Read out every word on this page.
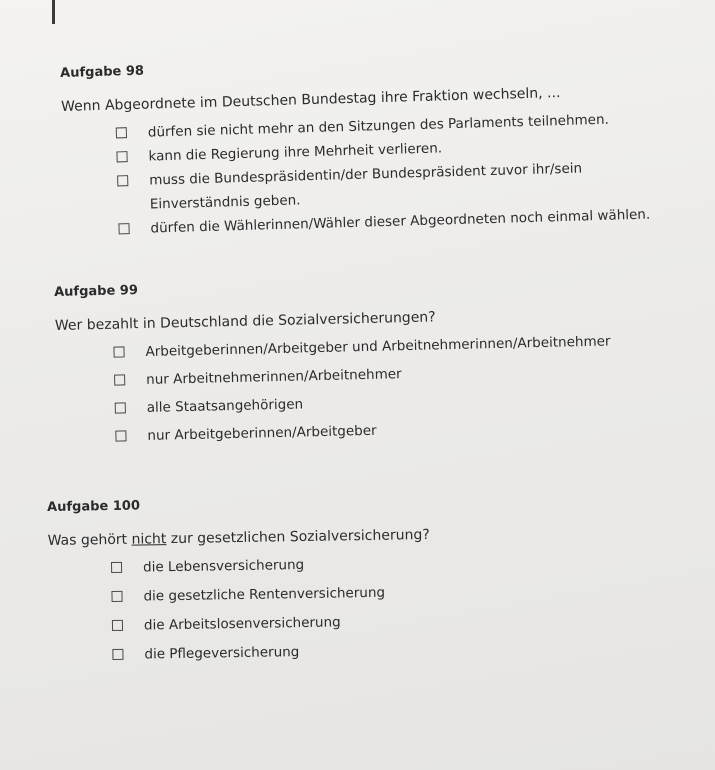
Aufgabe 98
Wenn Abgeordnete im Deutschen Bundestag ihre Fraktion wechseln, ...
dürfen sie nicht mehr an den Sitzungen des Parlaments teilnehmen.
kann die Regierung ihre Mehrheit verlieren.
muss die Bundespräsidentin/der Bundespräsident zuvor ihr/sein
Einverständnis geben.
dürfen die Wählerinnen/Wähler dieser Abgeordneten noch einmal wählen.
Aufgabe 99
Wer bezahlt in Deutschland die Sozialversicherungen?
Arbeitgeberinnen/Arbeitgeber und Arbeitnehmerinnen/Arbeitnehmer
nur Arbeitnehmerinnen/Arbeitnehmer
alle Staatsangehörigen
nur Arbeitgeberinnen/Arbeitgeber
Aufgabe 100
Was gehört nicht zur gesetzlichen Sozialversicherung?
die Lebensversicherung
die gesetzliche Rentenversicherung
die Arbeitslosenversicherung
die Pflegeversicherung
